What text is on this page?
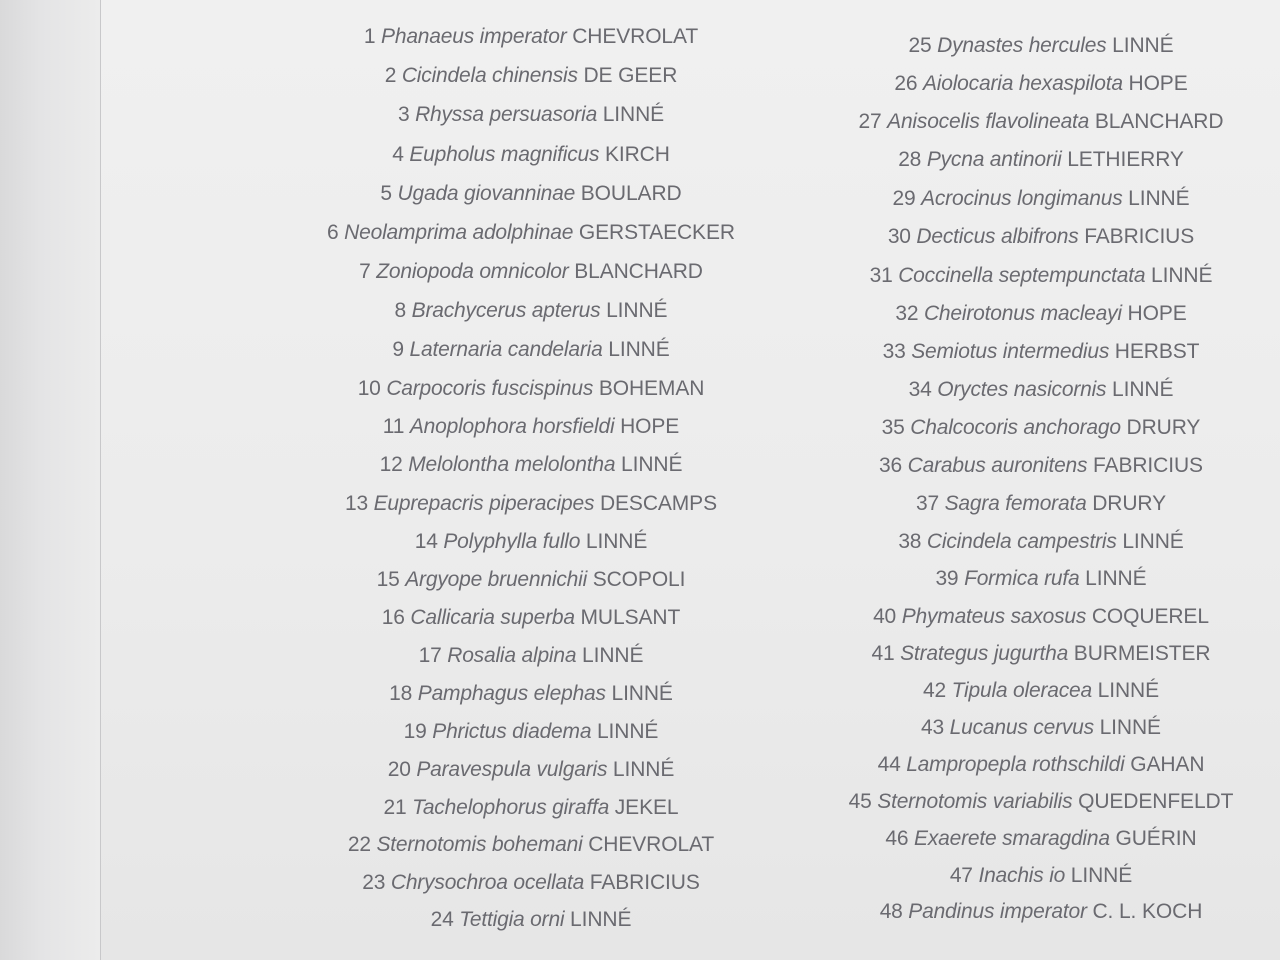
1 Phanaeus imperator CHEVROLAT
2 Cicindela chinensis DE GEER
3 Rhyssa persuasoria LINNÉ
4 Eupholus magnificus KIRCH
5 Ugada giovanninae BOULARD
6 Neolamprima adolphinae GERSTAECKER
7 Zoniopoda omnicolor BLANCHARD
8 Brachycerus apterus LINNÉ
9 Laternaria candelaria LINNÉ
10 Carpocoris fuscispinus BOHEMAN
11 Anoplophora horsfieldi HOPE
12 Melolontha melolontha LINNÉ
13 Euprepacris piperacipes DESCAMPS
14 Polyphylla fullo LINNÉ
15 Argyope bruennichii SCOPOLI
16 Callicaria superba MULSANT
17 Rosalia alpina LINNÉ
18 Pamphagus elephas LINNÉ
19 Phrictus diadema LINNÉ
20 Paravespula vulgaris LINNÉ
21 Tachelophorus giraffa JEKEL
22 Sternotomis bohemani CHEVROLAT
23 Chrysochroa ocellata FABRICIUS
24 Tettigia orni LINNÉ
25 Dynastes hercules LINNÉ
26 Aiolocaria hexaspilota HOPE
27 Anisocelis flavolineata BLANCHARD
28 Pycna antinorii LETHIERRY
29 Acrocinus longimanus LINNÉ
30 Decticus albifrons FABRICIUS
31 Coccinella septempunctata LINNÉ
32 Cheirotonus macleayi HOPE
33 Semiotus intermedius HERBST
34 Oryctes nasicornis LINNÉ
35 Chalcocoris anchorago DRURY
36 Carabus auronitens FABRICIUS
37 Sagra femorata DRURY
38 Cicindela campestris LINNÉ
39 Formica rufa LINNÉ
40 Phymateus saxosus COQUEREL
41 Strategus jugurtha BURMEISTER
42 Tipula oleracea LINNÉ
43 Lucanus cervus LINNÉ
44 Lampropepla rothschildi GAHAN
45 Sternotomis variabilis QUEDENFELDT
46 Exaerete smaragdina GUÉRIN
47 Inachis io LINNÉ
48 Pandinus imperator C. L. KOCH
